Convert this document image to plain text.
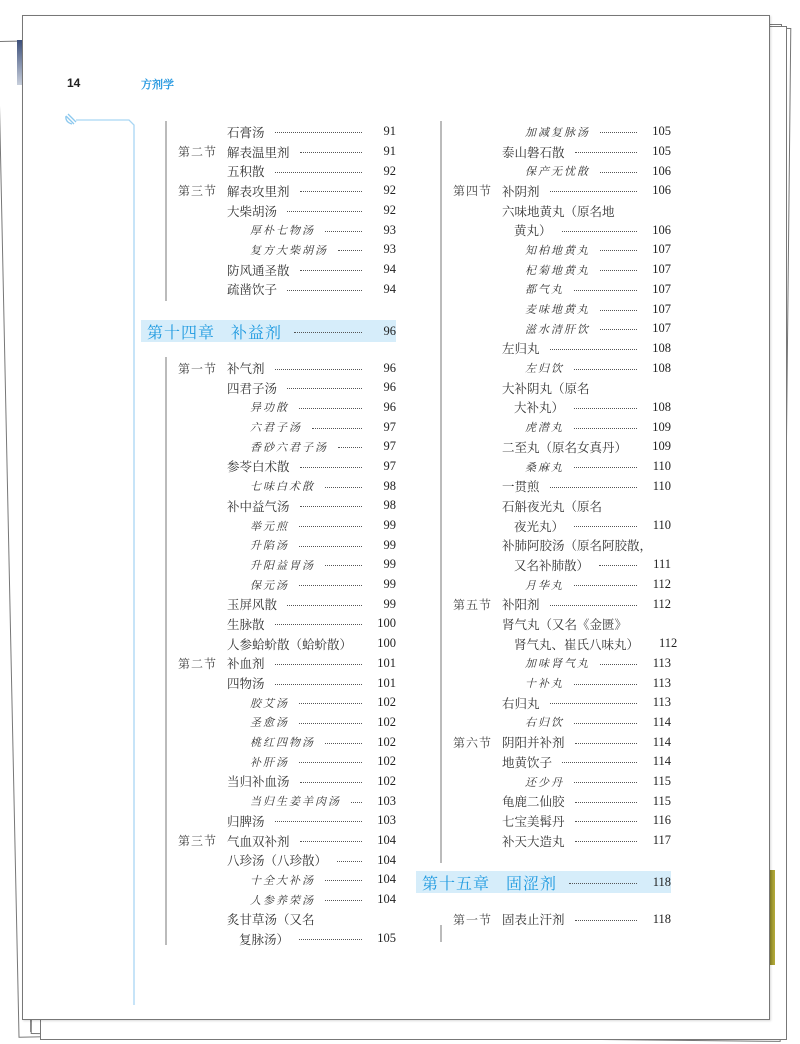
14	方剂学
石膏汤	91
第二节 解表温里剂	91
五积散	92
第三节 解表攻里剂	92
大柴胡汤	92
厚朴七物汤	93
复方大柴胡汤	93
防风通圣散	94
疏凿饮子	94
第十四章 补益剂	96
第一节 补气剂	96
四君子汤	96
异功散	96
六君子汤	97
香砂六君子汤	97
参苓白术散	97
七味白术散	98
补中益气汤	98
举元煎	99
升陷汤	99
升阳益胃汤	99
保元汤	99
玉屏风散	99
生脉散	100
人参蛤蚧散（蛤蚧散）	100
第二节 补血剂	101
四物汤	101
胶艾汤	102
圣愈汤	102
桃红四物汤	102
补肝汤	102
当归补血汤	102
当归生姜羊肉汤	103
归脾汤	103
第三节 气血双补剂	104
八珍汤（八珍散）	104
十全大补汤	104
人参养荣汤	104
炙甘草汤（又名
复脉汤）	105
加减复脉汤	105
泰山磐石散	105
保产无忧散	106
第四节 补阴剂	106
六味地黄丸（原名地
黄丸）	106
知柏地黄丸	107
杞菊地黄丸	107
都气丸	107
麦味地黄丸	107
滋水清肝饮	107
左归丸	108
左归饮	108
大补阴丸（原名
大补丸）	108
虎潜丸	109
二至丸（原名女真丹）	109
桑麻丸	110
一贯煎	110
石斛夜光丸（原名
夜光丸）	110
补肺阿胶汤（原名阿胶散，
又名补肺散）	111
月华丸	112
第五节 补阳剂	112
肾气丸（又名《金匮》
肾气丸、崔氏八味丸） 112
加味肾气丸	113
十补丸	113
右归丸	113
右归饮	114
第六节 阴阳并补剂	114
地黄饮子	114
还少丹	115
龟鹿二仙胶	115
七宝美髯丹	116
补天大造丸	117
第十五章 固涩剂	118
第一节 固表止汗剂	118
